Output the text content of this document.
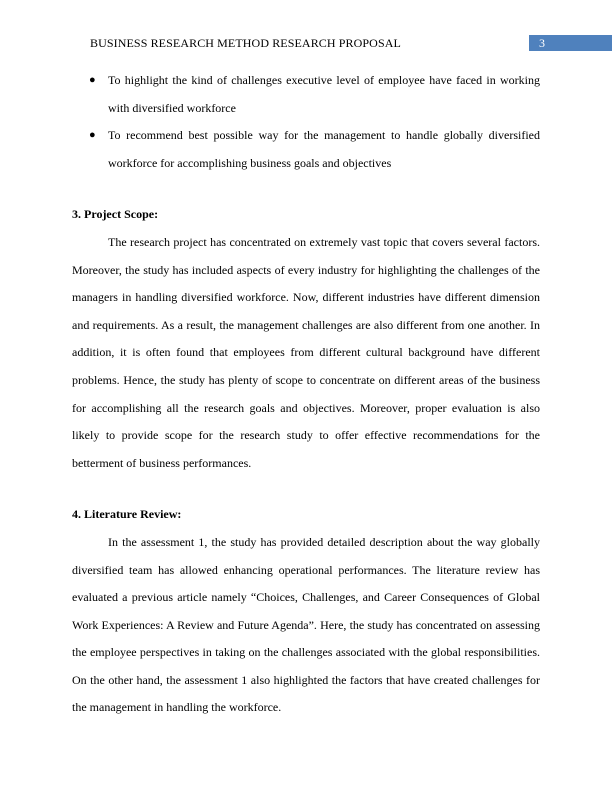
BUSINESS RESEARCH METHOD RESEARCH PROPOSAL	3
● To highlight the kind of challenges executive level of employee have faced in working with diversified workforce
● To recommend best possible way for the management to handle globally diversified workforce for accomplishing business goals and objectives

3. Project Scope:

The research project has concentrated on extremely vast topic that covers several factors. Moreover, the study has included aspects of every industry for highlighting the challenges of the managers in handling diversified workforce. Now, different industries have different dimension and requirements. As a result, the management challenges are also different from one another. In addition, it is often found that employees from different cultural background have different problems. Hence, the study has plenty of scope to concentrate on different areas of the business for accomplishing all the research goals and objectives. Moreover, proper evaluation is also likely to provide scope for the research study to offer effective recommendations for the betterment of business performances.

4. Literature Review:

In the assessment 1, the study has provided detailed description about the way globally diversified team has allowed enhancing operational performances. The literature review has evaluated a previous article namely “Choices, Challenges, and Career Consequences of Global Work Experiences: A Review and Future Agenda”. Here, the study has concentrated on assessing the employee perspectives in taking on the challenges associated with the global responsibilities. On the other hand, the assessment 1 also highlighted the factors that have created challenges for the management in handling the workforce.
